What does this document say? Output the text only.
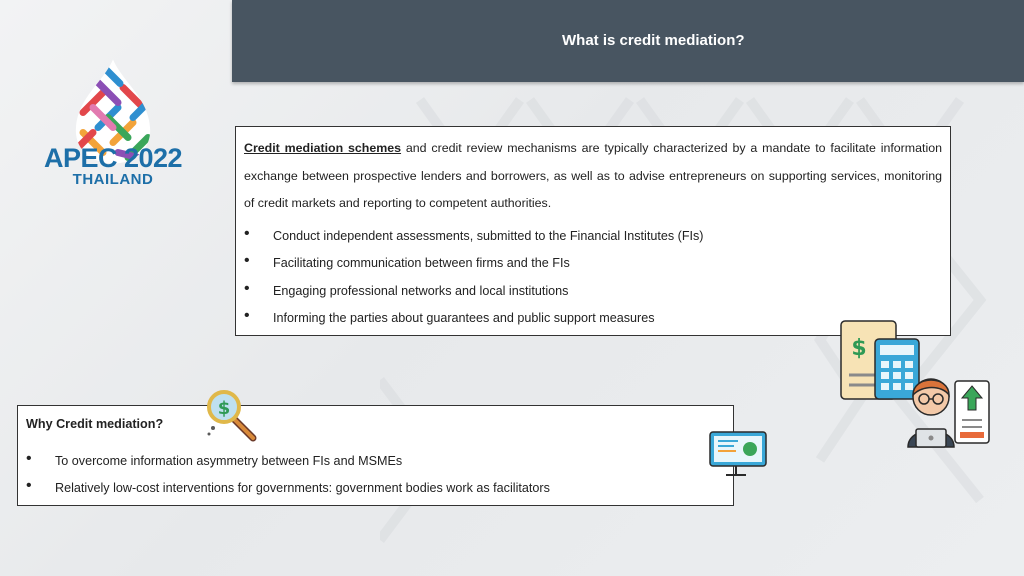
What is credit mediation?
APEC 2022
THAILAND
Credit mediation schemes and credit review mechanisms are typically characterized by a mandate to facilitate information exchange between prospective lenders and borrowers, as well as to advise entrepreneurs on supporting services, monitoring of credit markets and reporting to competent authorities.
• Conduct independent assessments, submitted to the Financial Institutes (FIs)
• Facilitating communication between firms and the FIs
• Engaging professional networks and local institutions
• Informing the parties about guarantees and public support measures
Why Credit mediation?
• To overcome information asymmetry between FIs and MSMEs
• Relatively low-cost interventions for governments: government bodies work as facilitators
$
$
